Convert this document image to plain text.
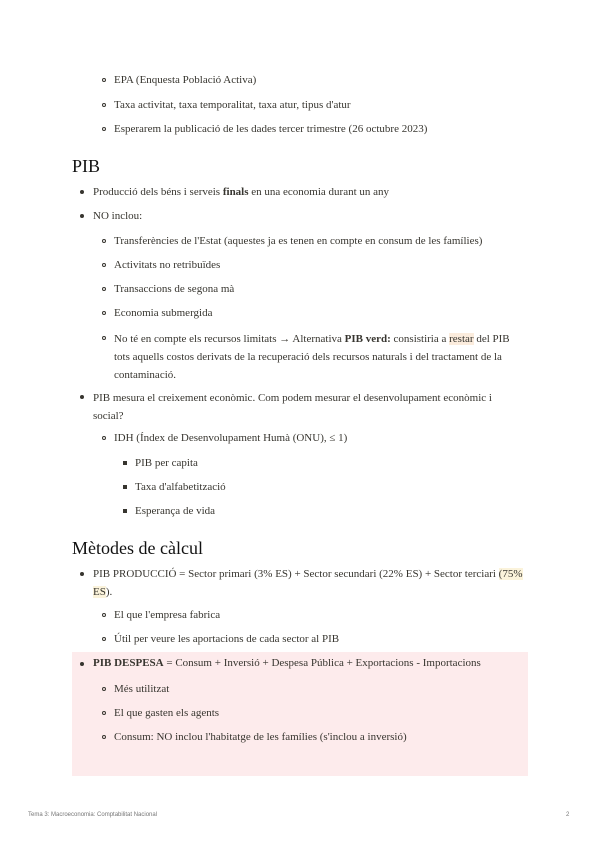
EPA (Enquesta Població Activa)
Taxa activitat, taxa temporalitat, taxa atur, tipus d'atur
Esperarem la publicació de les dades tercer trimestre (26 octubre 2023)
PIB
Producció dels béns i serveis finals en una economia durant un any
NO inclou:
Transferències de l'Estat (aquestes ja es tenen en compte en consum de les famílies)
Activitats no retribuïdes
Transaccions de segona mà
Economia submergida
No té en compte els recursos limitats → Alternativa PIB verd: consistiria a restar del PIB tots aquells costos derivats de la recuperació dels recursos naturals i del tractament de la contaminació.
PIB mesura el creixement econòmic. Com podem mesurar el desenvolupament econòmic i social?
IDH (Índex de Desenvolupament Humà (ONU), ≤ 1)
PIB per capita
Taxa d'alfabetització
Esperança de vida
Mètodes de càlcul
PIB PRODUCCIÓ = Sector primari (3% ES) + Sector secundari (22% ES) + Sector terciari (75% ES).
El que l'empresa fabrica
Útil per veure les aportacions de cada sector al PIB
PIB DESPESA = Consum + Inversió + Despesa Pública + Exportacions - Importacions
Més utilitzat
El que gasten els agents
Consum: NO inclou l'habitatge de les famílies (s'inclou a inversió)
Tema 3: Macroeconomia: Comptabilitat Nacional	2
